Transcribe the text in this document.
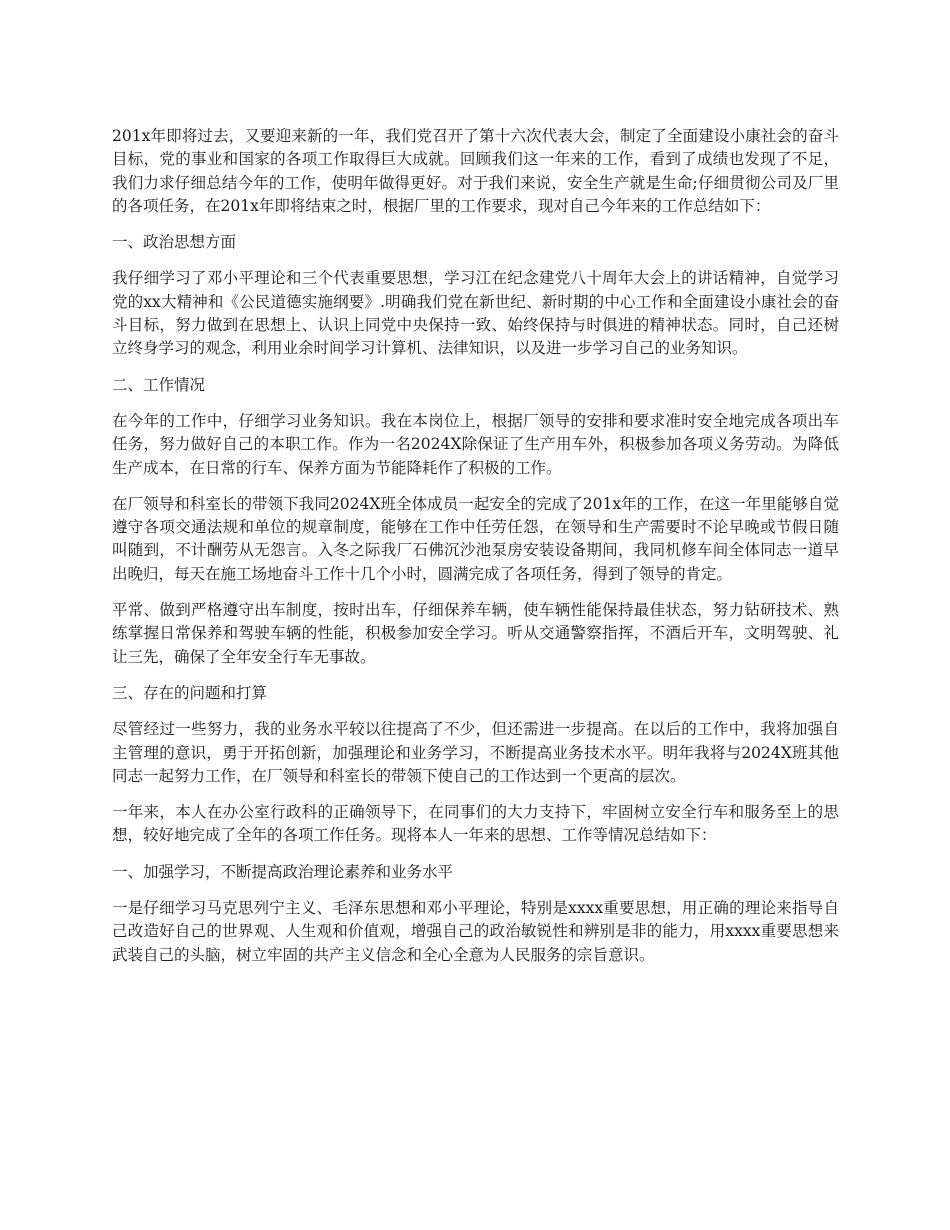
201x年即将过去，又要迎来新的一年，我们党召开了第十六次代表大会，制定了全面建设小康社会的奋斗目标，党的事业和国家的各项工作取得巨大成就。回顾我们这一年来的工作，看到了成绩也发现了不足，我们力求仔细总结今年的工作，使明年做得更好。对于我们来说，安全生产就是生命;仔细贯彻公司及厂里的各项任务，在201x年即将结束之时，根据厂里的工作要求，现对自己今年来的工作总结如下：

一、政治思想方面

我仔细学习了邓小平理论和三个代表重要思想，学习江在纪念建党八十周年大会上的讲话精神，自觉学习党的xx大精神和《公民道德实施纲要》.明确我们党在新世纪、新时期的中心工作和全面建设小康社会的奋斗目标，努力做到在思想上、认识上同党中央保持一致、始终保持与时俱进的精神状态。同时，自己还树立终身学习的观念，利用业余时间学习计算机、法律知识，以及进一步学习自己的业务知识。

二、工作情况

在今年的工作中，仔细学习业务知识。我在本岗位上，根据厂领导的安排和要求准时安全地完成各项出车任务，努力做好自己的本职工作。作为一名2024X除保证了生产用车外，积极参加各项义务劳动。为降低生产成本，在日常的行车、保养方面为节能降耗作了积极的工作。

在厂领导和科室长的带领下我同2024X班全体成员一起安全的完成了201x年的工作，在这一年里能够自觉遵守各项交通法规和单位的规章制度，能够在工作中任劳任怨，在领导和生产需要时不论早晚或节假日随叫随到，不计酬劳从无怨言。入冬之际我厂石佛沉沙池泵房安装设备期间，我同机修车间全体同志一道早出晚归，每天在施工场地奋斗工作十几个小时，圆满完成了各项任务，得到了领导的肯定。

平常、做到严格遵守出车制度，按时出车，仔细保养车辆，使车辆性能保持最佳状态，努力钻研技术、熟练掌握日常保养和驾驶车辆的性能，积极参加安全学习。听从交通警察指挥，不酒后开车，文明驾驶、礼让三先，确保了全年安全行车无事故。

三、存在的问题和打算

尽管经过一些努力，我的业务水平较以往提高了不少，但还需进一步提高。在以后的工作中，我将加强自主管理的意识，勇于开拓创新，加强理论和业务学习，不断提高业务技术水平。明年我将与2024X班其他同志一起努力工作，在厂领导和科室长的带领下使自己的工作达到一个更高的层次。

一年来，本人在办公室行政科的正确领导下，在同事们的大力支持下，牢固树立安全行车和服务至上的思想，较好地完成了全年的各项工作任务。现将本人一年来的思想、工作等情况总结如下：

一、加强学习，不断提高政治理论素养和业务水平

一是仔细学习马克思列宁主义、毛泽东思想和邓小平理论，特别是xxxx重要思想，用正确的理论来指导自己改造好自己的世界观、人生观和价值观，增强自己的政治敏锐性和辨别是非的能力，用xxxx重要思想来武装自己的头脑，树立牢固的共产主义信念和全心全意为人民服务的宗旨意识。
